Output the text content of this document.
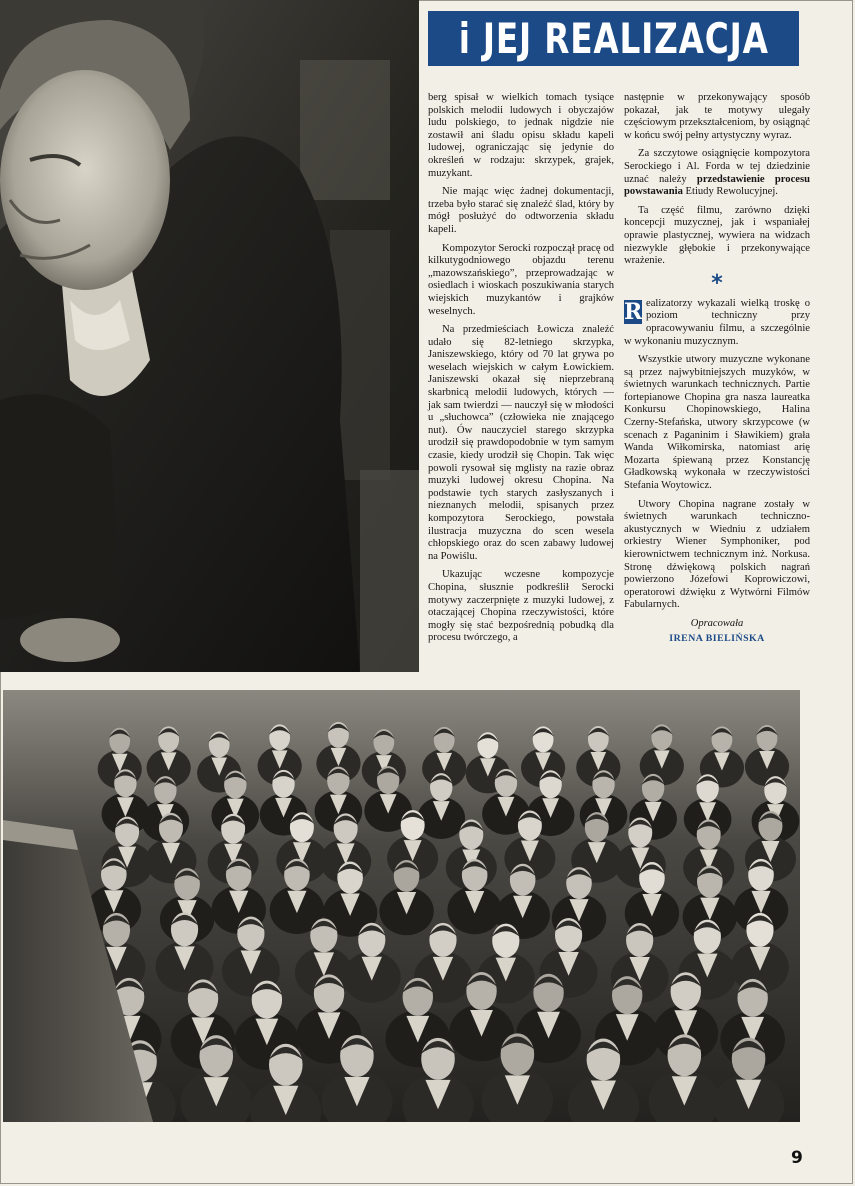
i JEJ REALIZACJA

berg spisał w wielkich tomach tysiące polskich melodii ludowych i obyczajów ludu polskiego, to jednak nigdzie nie zostawił ani śladu opisu składu kapeli ludowej, ograniczając się jedynie do określeń w rodzaju: skrzypek, grajek, muzykant.

Nie mając więc żadnej dokumentacji, trzeba było starać się znaleźć ślad, który by mógł posłużyć do odtworzenia składu kapeli.

Kompozytor Serocki rozpoczął pracę od kilkutygodniowego objazdu terenu „mazowszańskiego”, przeprowadzając w osiedlach i wioskach poszukiwania starych wiejskich muzykantów i grajków weselnych.

Na przedmieściach Łowicza znaleźć udało się 82-letniego skrzypka, Janiszewskiego, który od 70 lat grywa po weselach wiejskich w całym Łowickiem. Janiszewski okazał się nieprzebraną skarbnicą melodii ludowych, których — jak sam twierdzi — nauczył się w młodości u „słuchowca” (człowieka nie znającego nut). Ów nauczyciel starego skrzypka urodził się prawdopodobnie w tym samym czasie, kiedy urodził się Chopin. Tak więc powoli rysował się mglisty na razie obraz muzyki ludowej okresu Chopina. Na podstawie tych starych zasłyszanych i nieznanych melodii, spisanych przez kompozytora Serockiego, powstała ilustracja muzyczna do scen wesela chłopskiego oraz do scen zabawy ludowej na Powiślu.

Ukazując wczesne kompozycje Chopina, słusznie podkreślił Serocki motywy zaczerpnięte z muzyki ludowej, z otaczającej Chopina rzeczywistości, które mogły się stać bezpośrednią pobudką dla procesu twórczego, a

następnie w przekonywający sposób pokazał, jak te motywy ulegały częściowym przekształceniom, by osiągnąć w końcu swój pełny artystyczny wyraz.

Za szczytowe osiągnięcie kompozytora Serockiego i Al. Forda w tej dziedzinie uznać należy przedstawienie procesu powstawania Etiudy Rewolucyjnej.

Ta część filmu, zarówno dzięki koncepcji muzycznej, jak i wspaniałej oprawie plastycznej, wywiera na widzach niezwykle głębokie i przekonywające wrażenie.

*

R ealizatorzy wykazali wielką troskę o poziom techniczny przy opracowywaniu filmu, a szczególnie w wykonaniu muzycznym.

Wszystkie utwory muzyczne wykonane są przez najwybitniejszych muzyków, w świetnych warunkach technicznych. Partie fortepianowe Chopina gra nasza laureatka Konkursu Chopinowskiego, Halina Czerny-Stefańska, utwory skrzypcowe (w scenach z Paganinim i Sławikiem) grała Wanda Wiłkomirska, natomiast arię Mozarta śpiewaną przez Konstancję Gładkowską wykonała w rzeczywistości Stefania Woytowicz.

Utwory Chopina nagrane zostały w świetnych warunkach techniczno-akustycznych w Wiedniu z udziałem orkiestry Wiener Symphoniker, pod kierownictwem technicznym inż. Norkusa. Stronę dźwiękową polskich nagrań powierzono Józefowi Koprowiczowi, operatorowi dźwięku z Wytwórni Filmów Fabularnych.

Opracowała
IRENA BIELIŃSKA
9
